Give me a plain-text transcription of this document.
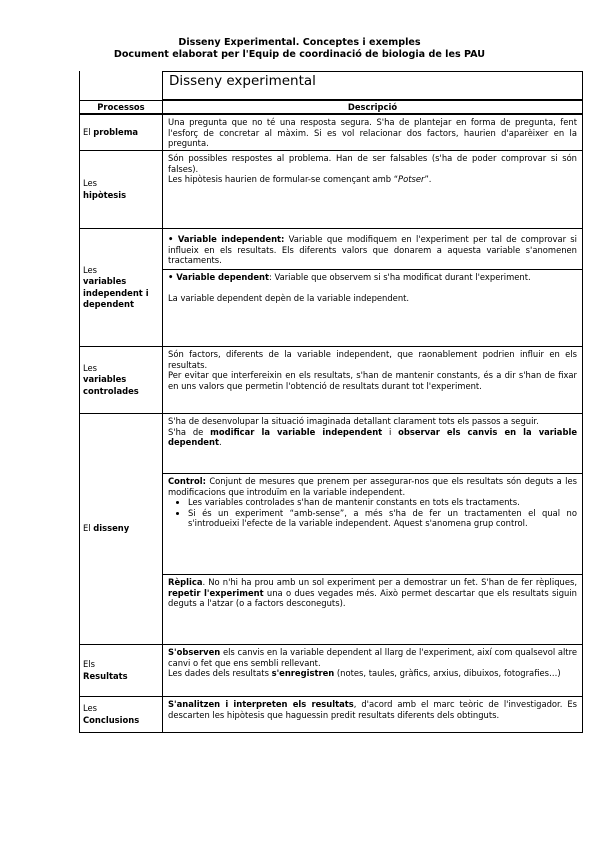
Disseny Experimental. Conceptes i exemples
Document elaborat per l'Equip de coordinació de biologia de les PAU
Disseny experimental
Processos	Descripció
El problema

Una pregunta que no té una resposta segura. S'ha de plantejar en forma de pregunta, fent l'esforç de concretar al màxim. Si es vol relacionar dos factors, haurien d'aparèixer en la pregunta.

Les
hipòtesis

Són possibles respostes al problema. Han de ser falsables (s'ha de poder comprovar si són falses).

Les hipòtesis haurien de formular-se començant amb “Potser”.

Les
variables independent i dependent

• Variable independent: Variable que modifiquem en l'experiment per tal de comprovar si influeix en els resultats. Els diferents valors que donarem a aquesta variable s'anomenen tractaments.

• Variable dependent: Variable que observem si s'ha modificat durant l'experiment.

La variable dependent depèn de la variable independent.

Les
variables controlades

Són factors, diferents de la variable independent, que raonablement podrien influir en els resultats.

Per evitar que interfereixin en els resultats, s'han de mantenir constants, és a dir s'han de fixar en uns valors que permetin l'obtenció de resultats durant tot l'experiment.

El disseny

S'ha de desenvolupar la situació imaginada detallant clarament tots els passos a seguir.

S'ha de modificar la variable independent i observar els canvis en la variable dependent.

Control: Conjunt de mesures que prenem per assegurar-nos que els resultats són deguts a les modificacions que introduïm en la variable independent.

• Les variables controlades s'han de mantenir constants en tots els tractaments.
• Si és un experiment “amb-sense”, a més s'ha de fer un tractamenten el qual no s'introdueixi l'efecte de la variable independent. Aquest s'anomena grup control.

Rèplica. No n'hi ha prou amb un sol experiment per a demostrar un fet. S'han de fer rèpliques, repetir l'experiment una o dues vegades més. Això permet descartar que els resultats siguin deguts a l'atzar (o a factors desconeguts).

Els
Resultats

S'observen els canvis en la variable dependent al llarg de l'experiment, així com qualsevol altre canvi o fet que ens sembli rellevant.

Les dades dels resultats s'enregistren (notes, taules, gràfics, arxius, dibuixos, fotografies…)

Les
Conclusions

S'analitzen i interpreten els resultats, d'acord amb el marc teòric de l'investigador. Es descarten les hipòtesis que haguessin predit resultats diferents dels obtinguts.
